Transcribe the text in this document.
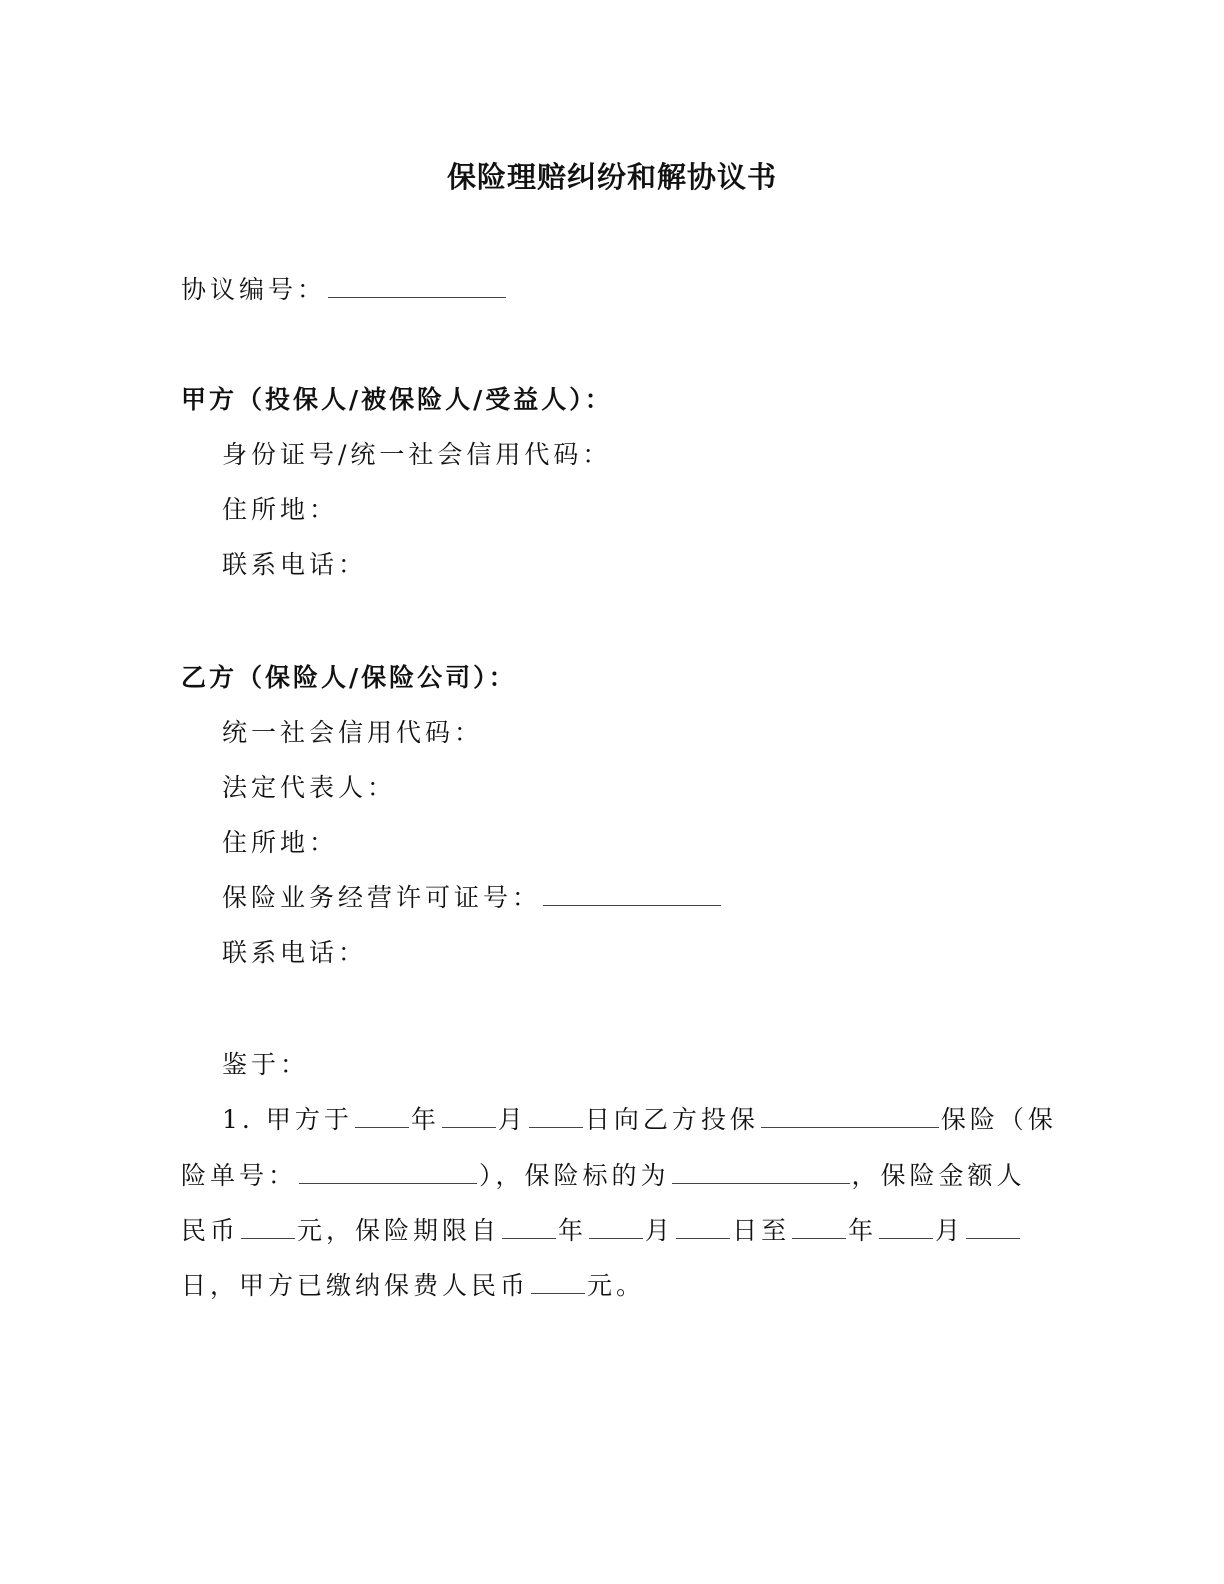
保险理赔纠纷和解协议书
协议编号：
甲方（投保人/被保险人/受益人）：
身份证号/统一社会信用代码：
住所地：
联系电话：
乙方（保险人/保险公司）：
统一社会信用代码：
法定代表人：
住所地：
保险业务经营许可证号：
联系电话：
鉴于：
1. 甲方于 年 月 日向乙方投保	保险（保
险单号：	），保险标的为	，保险金额人
民币 元，保险期限自 年 月 日至 年 月
日，甲方已缴纳保费人民币 元。
